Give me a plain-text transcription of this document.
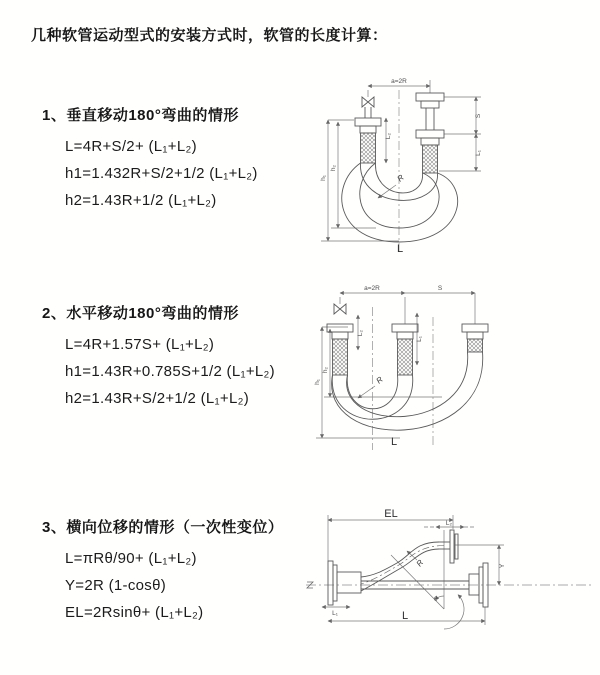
几种软管运动型式的安装方式时，软管的长度计算：
1、垂直移动180°弯曲的情形
L=4R+S/2+ (L₁+L₂)
h1=1.432R+S/2+1/2 (L₁+L₂)
h2=1.43R+1/2 (L₁+L₂)
2、水平移动180°弯曲的情形
L=4R+1.57S+ (L₁+L₂)
h1=1.43R+0.785S+1/2 (L₁+L₂)
h2=1.43R+S/2+1/2 (L₁+L₂)
3、横向位移的情形（一次性变位）
L=πRθ/90+ (L₁+L₂)
Y=2R (1-cosθ)
EL=2Rsinθ+ (L₁+L₂)
a=2R
S
L₁
L₂
h₁
h₂
R
L
a=2R	S
L₂
L₁
h₁
h₂
R
L
EL
L₂
Y
R
θ
L
L₁
